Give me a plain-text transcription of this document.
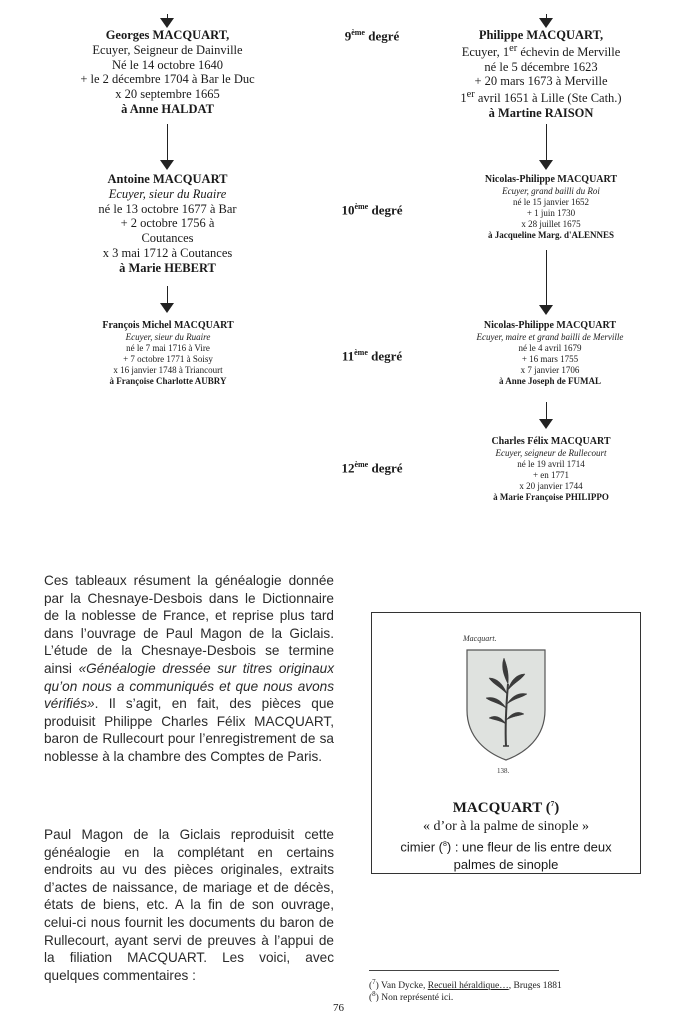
Georges MACQUART,
Ecuyer, Seigneur de Dainville
Né le 14 octobre 1640
+ le 2 décembre 1704 à Bar le Duc
x 20 septembre 1665
à Anne HALDAT
Philippe MACQUART,
Ecuyer, 1er échevin de Merville
né le 5 décembre 1623
+ 20 mars 1673 à Merville
1er avril 1651 à Lille (Ste Cath.)
à Martine RAISON
Antoine MACQUART
Ecuyer, sieur du Ruaire
né le 13 octobre 1677 à Bar
+ 2 octobre 1756 à
Coutances
x 3 mai 1712 à Coutances
à Marie HEBERT
Nicolas-Philippe MACQUART
Ecuyer, grand bailli du Roi
né le 15 janvier 1652
+ 1 juin 1730
x 28 juillet 1675
à Jacqueline Marg. d'ALENNES
François Michel MACQUART
Ecuyer, sieur du Ruaire
né le 7 mai 1716 à Vire
+ 7 octobre 1771 à Soisy
x 16 janvier 1748 à Triancourt
à Françoise Charlotte AUBRY
Nicolas-Philippe MACQUART
Ecuyer, maire et grand bailli de Merville
né le 4 avril 1679
+ 16 mars 1755
x 7 janvier 1706
à Anne Joseph de FUMAL
Charles Félix MACQUART
Ecuyer, seigneur de Rullecourt
né le 19 avril 1714
+ en 1771
x 20 janvier 1744
à Marie Françoise PHILIPPO
9ème degré
10ème degré
11ème degré
12ème degré

Ces tableaux résument la généalogie donnée par la Chesnaye-Desbois dans le Dictionnaire de la noblesse de France, et reprise plus tard dans l’ouvrage de Paul Magon de la Giclais. L’étude de la Chesnaye-Desbois se termine ainsi «Généalogie dressée sur titres originaux qu’on nous a communiqués et que nous avons vérifiés». Il s’agit, en fait, des pièces que produisit Philippe Charles Félix MACQUART, baron de Rullecourt pour l’enregistrement de sa noblesse à la chambre des Comptes de Paris.

Paul Magon de la Giclais reproduisit cette généalogie en la complétant en certains endroits au vu des pièces originales, extraits d’actes de naissance, de mariage et de décès, états de biens, etc. A la fin de son ouvrage, celui-ci nous fournit les documents du baron de Rullecourt, ayant servi de preuves à l’appui de la filiation MACQUART. Les voici, avec quelques commentaires :

Macquart.
138.
MACQUART ($^7$)
« d’or à la palme de sinople »
cimier ($^8$) : une fleur de lis entre deux
palmes de sinople
($^7$) Van Dycke, Recueil héraldique…, Bruges 1881
($^8$) Non représenté ici.
76
